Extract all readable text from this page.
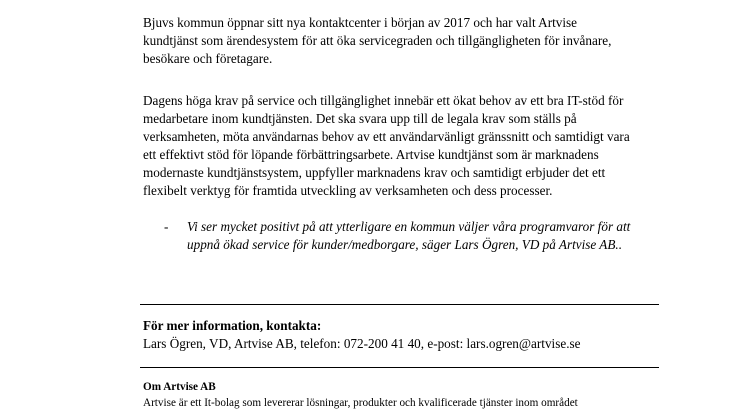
Bjuvs kommun öppnar sitt nya kontaktcenter i början av 2017 och har valt Artvise
kundtjänst som ärendesystem för att öka servicegraden och tillgängligheten för invånare,
besökare och företagare.
Dagens höga krav på service och tillgänglighet innebär ett ökat behov av ett bra IT-stöd för
medarbetare inom kundtjänsten. Det ska svara upp till de legala krav som ställs på
verksamheten, möta användarnas behov av ett användarvänligt gränssnitt och samtidigt vara
ett effektivt stöd för löpande förbättringsarbete. Artvise kundtjänst som är marknadens
modernaste kundtjänstsystem, uppfyller marknadens krav och samtidigt erbjuder det ett
flexibelt verktyg för framtida utveckling av verksamheten och dess processer.
- Vi ser mycket positivt på att ytterligare en kommun väljer våra programvaror för att
uppnå ökad service för kunder/medborgare, säger Lars Ögren, VD på Artvise AB..
För mer information, kontakta:
Lars Ögren, VD, Artvise AB, telefon: 072-200 41 40, e-post: lars.ogren@artvise.se
Om Artvise AB
Artvise är ett It-bolag som levererar lösningar, produkter och kvalificerade tjänster inom området
